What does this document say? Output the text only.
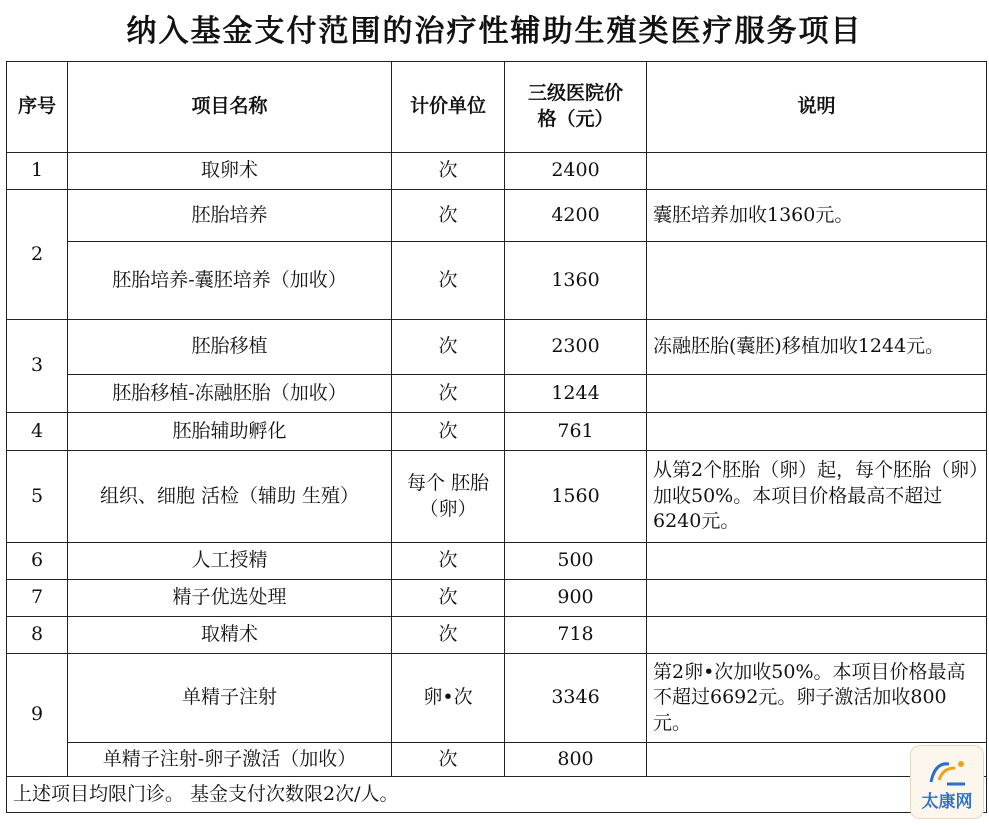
纳入基金支付范围的治疗性辅助生殖类医疗服务项目
序号	项目名称	计价单位	三级医院价格（元）	说明
1	取卵术	次	2400	
2	胚胎培养	次	4200	囊胚培养加收1360元。
	胚胎培养-囊胚培养（加收）	次	1360	
3	胚胎移植	次	2300	冻融胚胎(囊胚)移植加收1244元。
	胚胎移植-冻融胚胎（加收）	次	1244	
4	胚胎辅助孵化	次	761	
5	组织、细胞 活检（辅助 生殖）	每个 胚胎（卵）	1560	从第2个胚胎（卵）起，每个胚胎（卵）加收50%。本项目价格最高不超过6240元。
6	人工授精	次	500	
7	精子优选处理	次	900	
8	取精术	次	718	
9	单精子注射	卵•次	3346	第2卵•次加收50%。本项目价格最高不超过6692元。卵子激活加收800元。
	单精子注射-卵子激活（加收）	次	800	
上述项目均限门诊。 基金支付次数限2次/人。					太康网
